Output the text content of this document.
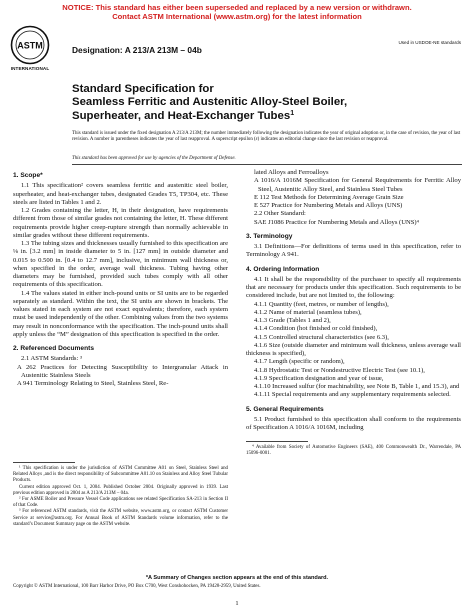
NOTICE: This standard has either been superseded and replaced by a new version or withdrawn.
Contact ASTM International (www.astm.org) for the latest information
ASTM
INTERNATIONAL
Designation: A 213/A 213M – 04b
Used in USDOE-NE standards
Standard Specification for
Seamless Ferritic and Austenitic Alloy-Steel Boiler,
Superheater, and Heat-Exchanger Tubes$^1$
This standard is issued under the fixed designation A 213/A 213M; the number immediately following the designation indicates the year of original adoption or, in the case of revision, the year of last revision. A number in parentheses indicates the year of last reapproval. A superscript epsilon (ε) indicates an editorial change since the last revision or reapproval.
This standard has been approved for use by agencies of the Department of Defense.
1. Scope*

1.1 This specification² covers seamless ferritic and austenitic steel boiler, superheater, and heat-exchanger tubes, designated Grades T5, TP304, etc. These steels are listed in Tables 1 and 2.

1.2 Grades containing the letter, H, in their designation, have requirements different from those of similar grades not containing the letter, H. These different requirements provide higher creep-rupture strength than normally achievable in similar grades without these different requirements.

1.3 The tubing sizes and thicknesses usually furnished to this specification are ⅛ in. [3.2 mm] in inside diameter to 5 in. [127 mm] in outside diameter and 0.015 to 0.500 in. [0.4 to 12.7 mm], inclusive, in minimum wall thickness or, when specified in the order, average wall thickness. Tubing having other diameters may be furnished, provided such tubes comply with all other requirements of this specification.

1.4 The values stated in either inch-pound units or SI units are to be regarded separately as standard. Within the text, the SI units are shown in brackets. The values stated in each system are not exact equivalents; therefore, each system must be used independently of the other. Combining values from the two systems may result in nonconformance with the specification. The inch-pound units shall apply unless the “M” designation of this specification is specified in the order.

2. Referenced Documents

2.1 ASTM Standards: ³

A 262 Practices for Detecting Susceptibility to Intergranular Attack in Austenitic Stainless Steels

A 941 Terminology Relating to Steel, Stainless Steel, Re-

¹ This specification is under the jurisdiction of ASTM Committee A01 on Steel, Stainless Steel and Related Alloys ,and is the direct responsibility of Subcommittee A01.10 on Stainless and Alloy Steel Tubular Products.

Current edition approved Oct. 1, 2004. Published October 2004. Originally approved in 1939. Last previous edition approved in 2004 as A 213/A 213M – 04a.

² For ASME Boiler and Pressure Vessel Code applications see related Specification SA-213 in Section II of that Code.

³ For referenced ASTM standards, visit the ASTM website, www.astm.org, or contact ASTM Customer Service at service@astm.org. For Annual Book of ASTM Standards volume information, refer to the standard’s Document Summary page on the ASTM website.

lated Alloys and Ferroalloys

A 1016/A 1016M Specification for General Requirements for Ferritic Alloy Steel, Austenitic Alloy Steel, and Stainless Steel Tubes

E 112 Test Methods for Determining Average Grain Size

E 527 Practice for Numbering Metals and Alloys (UNS)

2.2 Other Standard:

SAE J1086 Practice for Numbering Metals and Alloys (UNS)⁴

3. Terminology

3.1 Definitions—For definitions of terms used in this specification, refer to Terminology A 941.

4. Ordering Information

4.1 It shall be the responsibility of the purchaser to specify all requirements that are necessary for products under this specification. Such requirements to be considered include, but are not limited to, the following:

4.1.1 Quantity (feet, metres, or number of lengths),

4.1.2 Name of material (seamless tubes),

4.1.3 Grade (Tables 1 and 2),

4.1.4 Condition (hot finished or cold finished),

4.1.5 Controlled structural characteristics (see 6.3),

4.1.6 Size (outside diameter and minimum wall thickness, unless average wall thickness is specified),

4.1.7 Length (specific or random),

4.1.8 Hydrostatic Test or Nondestructive Electric Test (see 10.1),

4.1.9 Specification designation and year of issue,

4.1.10 Increased sulfur (for machinability, see Note B, Table 1, and 15.3), and

4.1.11 Special requirements and any supplementary requirements selected.

5. General Requirements

5.1 Product furnished to this specification shall conform to the requirements of Specification A 1016/A 1016M, including

⁴ Available from Society of Automotive Engineers (SAE), 400 Commonwealth Dr., Warrendale, PA 15096-0001.

*A Summary of Changes section appears at the end of this standard.
Copyright © ASTM International, 100 Barr Harbor Drive, PO Box C700, West Conshohocken, PA 19428-2959, United States.
1
